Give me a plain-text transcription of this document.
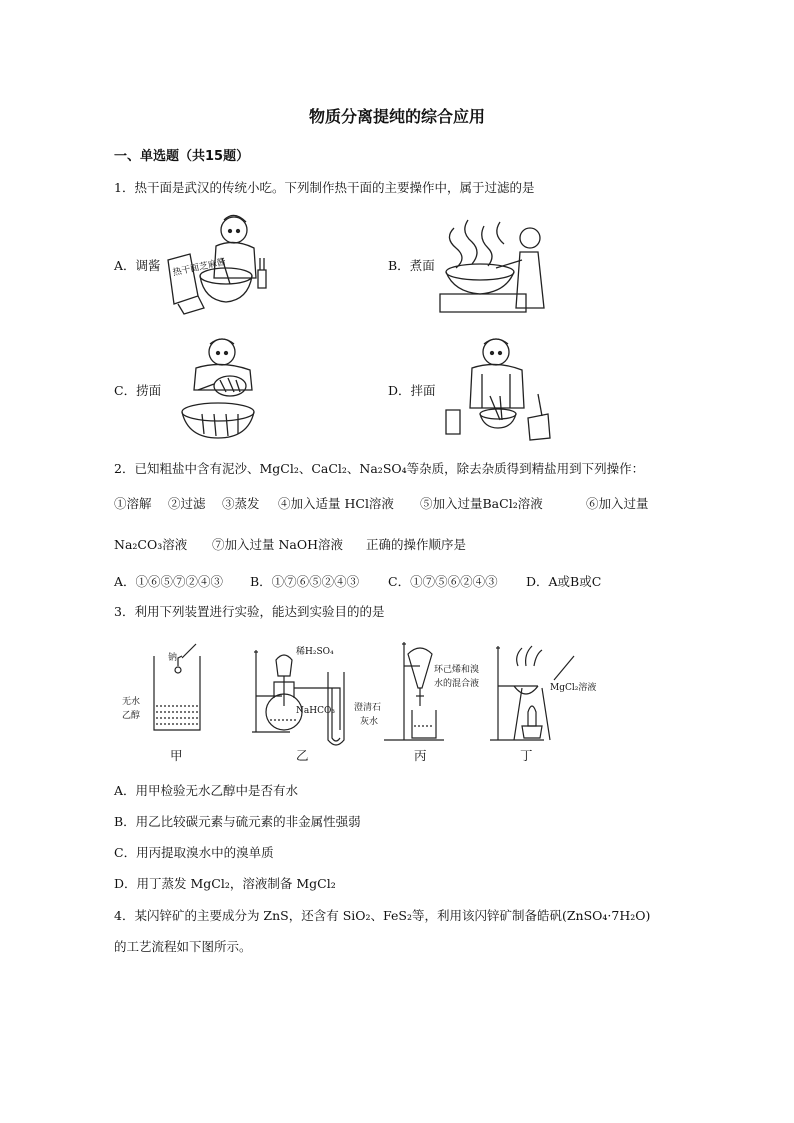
物质分离提纯的综合应用
一、单选题（共15题）
1．热干面是武汉的传统小吃。下列制作热干面的主要操作中，属于过滤的是
A．调酱	B．煮面
C．捞面	D．拌面
热干面芝麻酱
2．已知粗盐中含有泥沙、MgCl₂、CaCl₂、Na₂SO₄等杂质，除去杂质得到精盐用到下列操作：
①溶解 ②过滤 ③蒸发 ④加入适量 HCl溶液 ⑤加入过量BaCl₂溶液	⑥加入过量
Na₂CO₃溶液 ⑦加入过量 NaOH溶液 正确的操作顺序是
A．①⑥⑤⑦②④③ B．①⑦⑥⑤②④③ C．①⑦⑤⑥②④③ D．A或B或C
3．利用下列装置进行实验，能达到实验目的的是
钠
无水
乙醇
稀H₂SO₄
NaHCO₃ 澄清石
灰水
环己烯和溴
水的混合液	MgCl₂溶液
甲	乙	丙	丁
A．用甲检验无水乙醇中是否有水
B．用乙比较碳元素与硫元素的非金属性强弱
C．用丙提取溴水中的溴单质
D．用丁蒸发 MgCl₂，溶液制备 MgCl₂
4．某闪锌矿的主要成分为 ZnS，还含有 SiO₂、FeS₂等，利用该闪锌矿制备皓矾(ZnSO₄·7H₂O)
的工艺流程如下图所示。
